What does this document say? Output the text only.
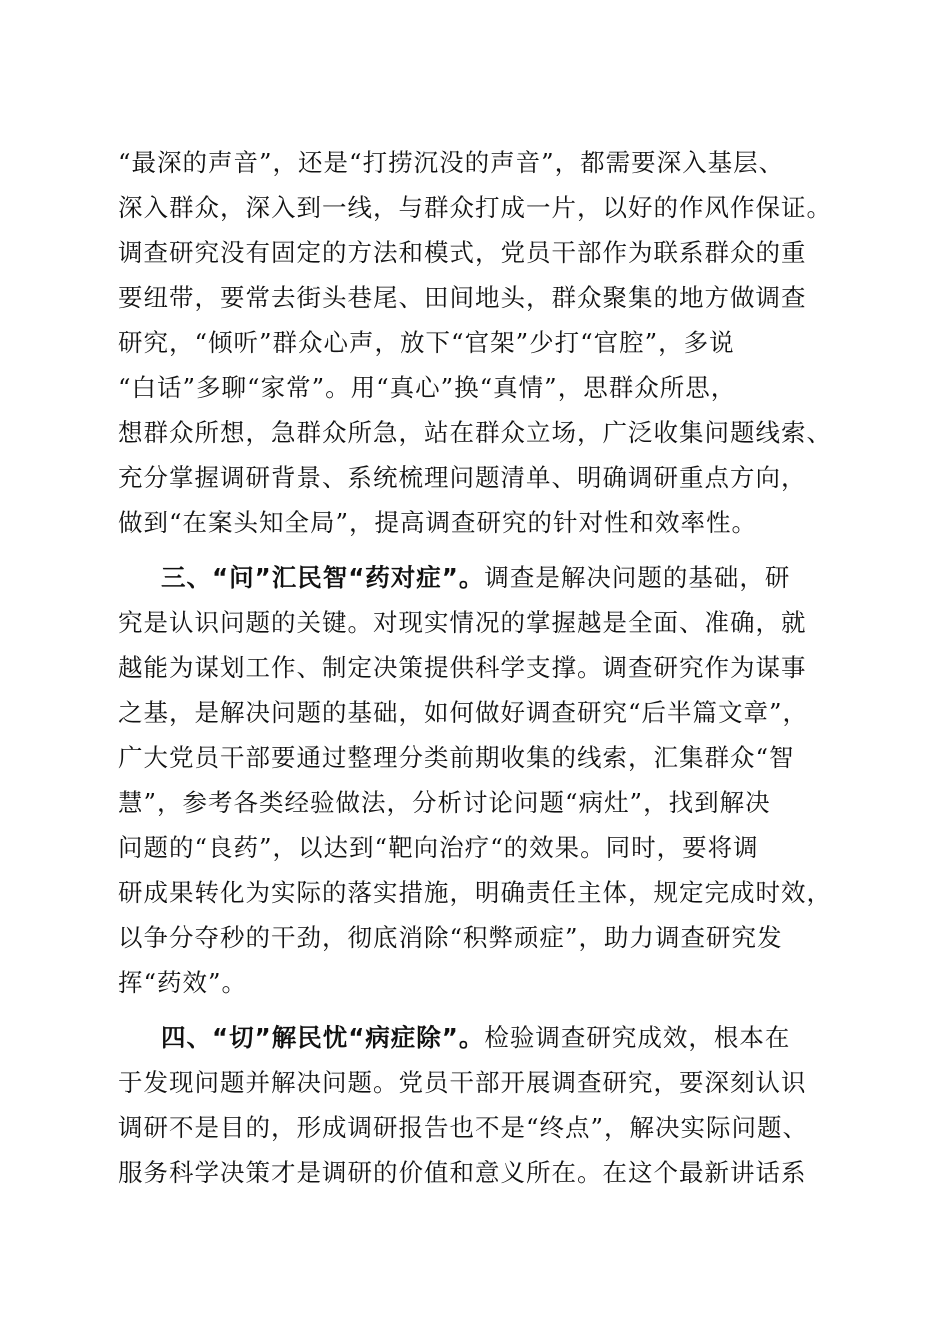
“最深的声音”，还是“打捞沉没的声音”，都需要深入基层、
深入群众，深入到一线，与群众打成一片，以好的作风作保证。
调查研究没有固定的方法和模式，党员干部作为联系群众的重
要纽带，要常去街头巷尾、田间地头，群众聚集的地方做调查
研究，“倾听”群众心声，放下“官架”少打“官腔”，多说
“白话”多聊“家常”。用“真心”换“真情”，思群众所思，
想群众所想，急群众所急，站在群众立场，广泛收集问题线索、
充分掌握调研背景、系统梳理问题清单、明确调研重点方向，
做到“在案头知全局”，提高调查研究的针对性和效率性。
三、“问”汇民智“药对症”。调查是解决问题的基础，研
究是认识问题的关键。对现实情况的掌握越是全面、准确，就
越能为谋划工作、制定决策提供科学支撑。调查研究作为谋事
之基，是解决问题的基础，如何做好调查研究“后半篇文章”，
广大党员干部要通过整理分类前期收集的线索，汇集群众“智
慧”，参考各类经验做法，分析讨论问题“病灶”，找到解决
问题的“良药”，以达到“靶向治疗“的效果。同时，要将调
研成果转化为实际的落实措施，明确责任主体，规定完成时效，
以争分夺秒的干劲，彻底消除“积弊顽症”，助力调查研究发
挥“药效”。
四、“切”解民忧“病症除”。检验调查研究成效，根本在
于发现问题并解决问题。党员干部开展调查研究，要深刻认识
调研不是目的，形成调研报告也不是“终点”，解决实际问题、
服务科学决策才是调研的价值和意义所在。在这个最新讲话系
